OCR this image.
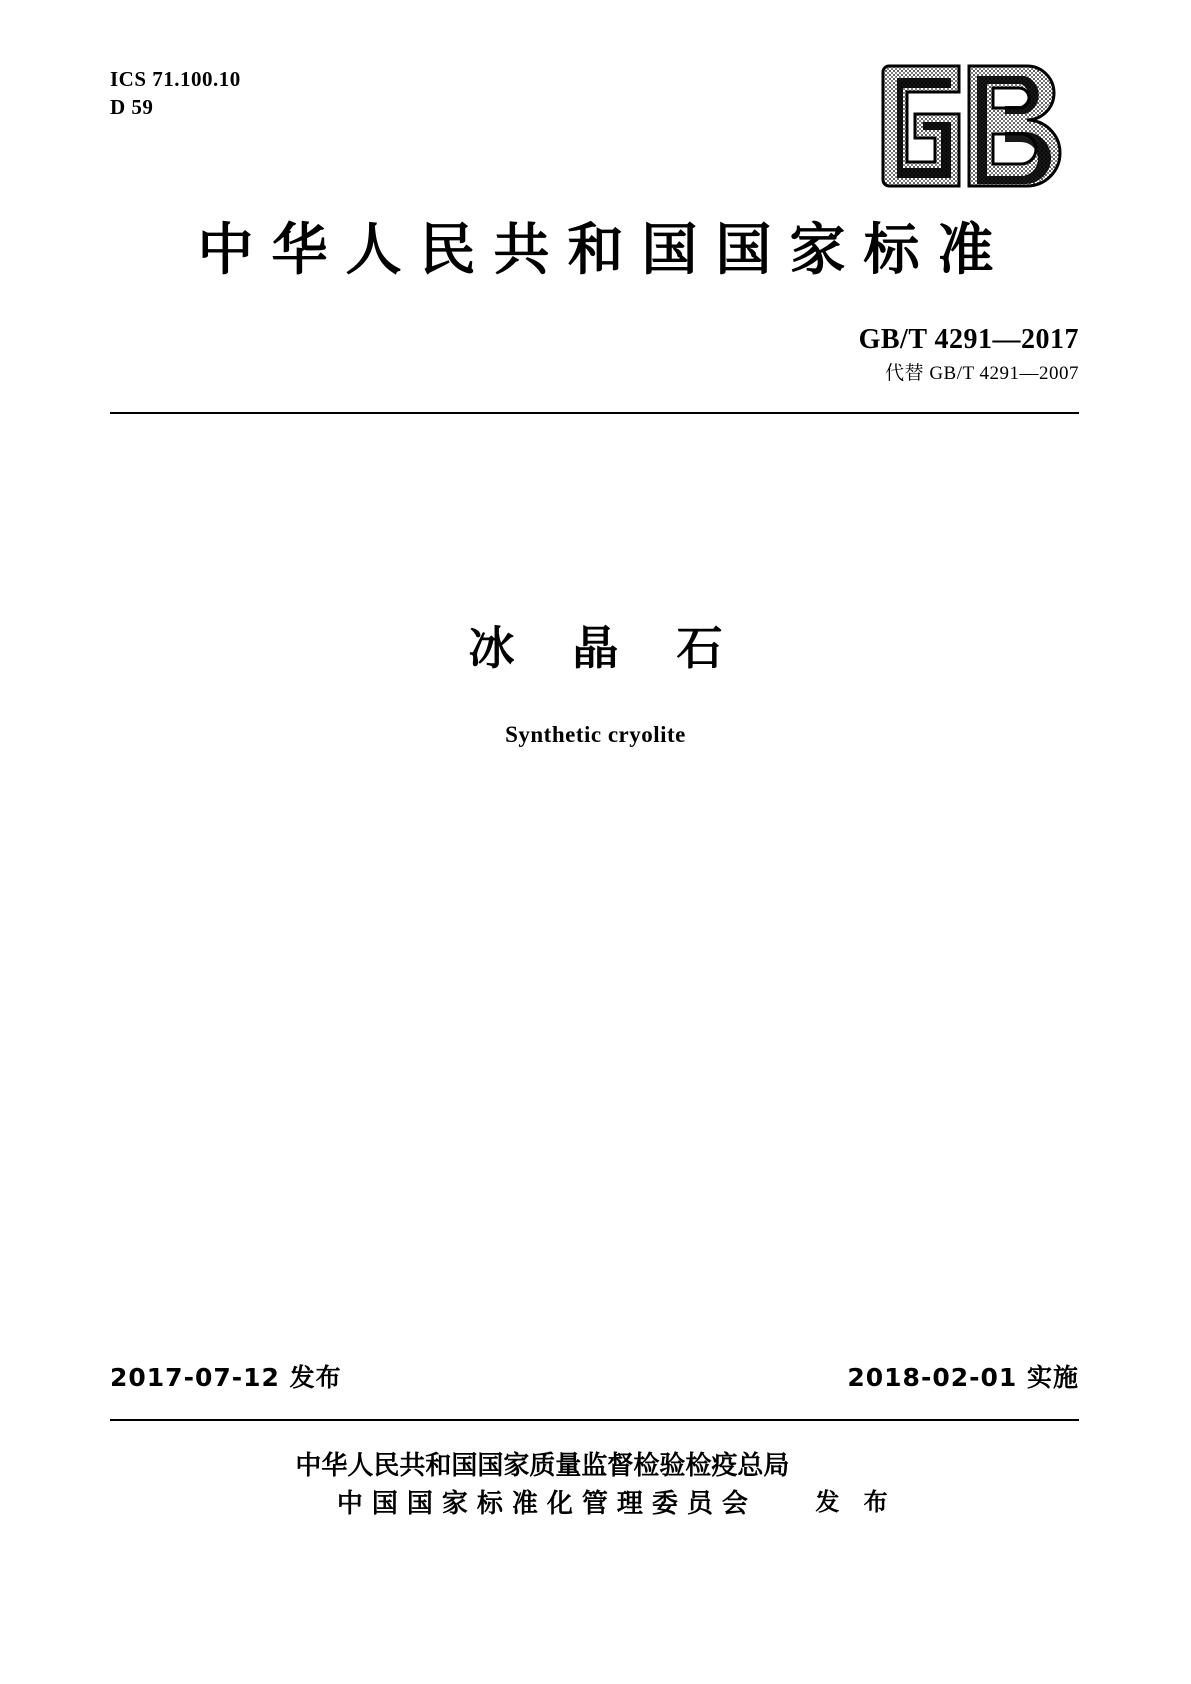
ICS 71.100.10
D 59
中华人民共和国国家标准
GB/T 4291—2017
代替 GB/T 4291—2007
冰晶石
Synthetic cryolite
2017-07-12 发布	2018-02-01 实施
中华人民共和国国家质量监督检验检疫总局
中国国家标准化管理委员会	发 布
